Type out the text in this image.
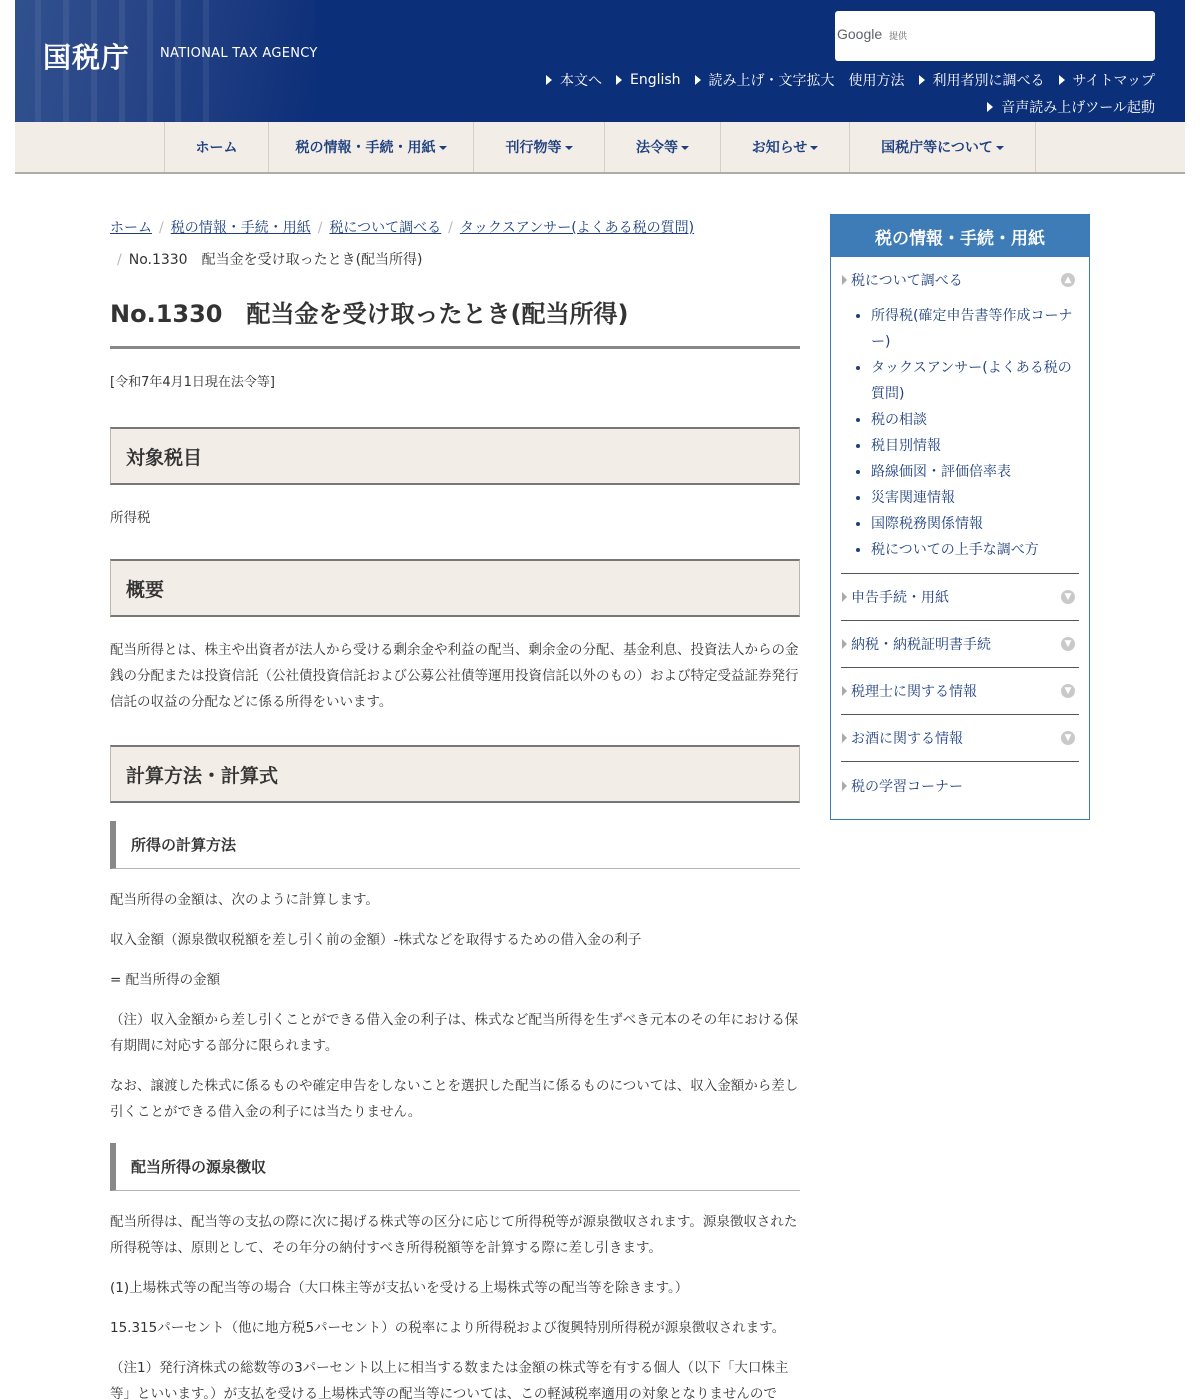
国税庁 NATIONAL TAX AGENCY
Google 提供
本文へ English 読み上げ・文字拡大 使用方法 利用者別に調べる サイトマップ
音声読み上げツール起動
ホーム	税の情報・手続・用紙	刊行物等	法令等	お知らせ	国税庁等について
ホーム / 税の情報・手続・用紙 / 税について調べる / タックスアンサー(よくある税の質問)
/ No.1330　配当金を受け取ったとき(配当所得)
No.1330　配当金を受け取ったとき(配当所得)
[令和7年4月1日現在法令等]
対象税目

所得税

概要

配当所得とは、株主や出資者が法人から受ける剰余金や利益の配当、剰余金の分配、基金利息、投資法人からの金銭の分配または投資信託（公社債投資信託および公募公社債等運用投資信託以外のもの）および特定受益証券発行信託の収益の分配などに係る所得をいいます。

計算方法・計算式
所得の計算方法

配当所得の金額は、次のように計算します。

収入金額（源泉徴収税額を差し引く前の金額）-株式などを取得するための借入金の利子

= 配当所得の金額

（注）収入金額から差し引くことができる借入金の利子は、株式など配当所得を生ずべき元本のその年における保有期間に対応する部分に限られます。

なお、譲渡した株式に係るものや確定申告をしないことを選択した配当に係るものについては、収入金額から差し引くことができる借入金の利子には当たりません。

配当所得の源泉徴収

配当所得は、配当等の支払の際に次に掲げる株式等の区分に応じて所得税等が源泉徴収されます。源泉徴収された所得税等は、原則として、その年分の納付すべき所得税額等を計算する際に差し引きます。

(1)上場株式等の配当等の場合（大口株主等が支払いを受ける上場株式等の配当等を除きます。）

15.315パーセント（他に地方税5パーセント）の税率により所得税および復興特別所得税が源泉徴収されます。

（注1）発行済株式の総数等の3パーセント以上に相当する数または金額の株式等を有する個人（以下「大口株主等」といいます。）が支払を受ける上場株式等の配当等については、この軽減税率適用の対象となりませんので

税の情報・手続・用紙
税について調べる	▲
• 所得税(確定申告書等作成コーナー)
• タックスアンサー(よくある税の質問)
• 税の相談
• 税目別情報
• 路線価図・評価倍率表
• 災害関連情報
• 国際税務関係情報
• 税についての上手な調べ方
申告手続・用紙	▼
納税・納税証明書手続	▼
税理士に関する情報	▼
お酒に関する情報	▼
税の学習コーナー
